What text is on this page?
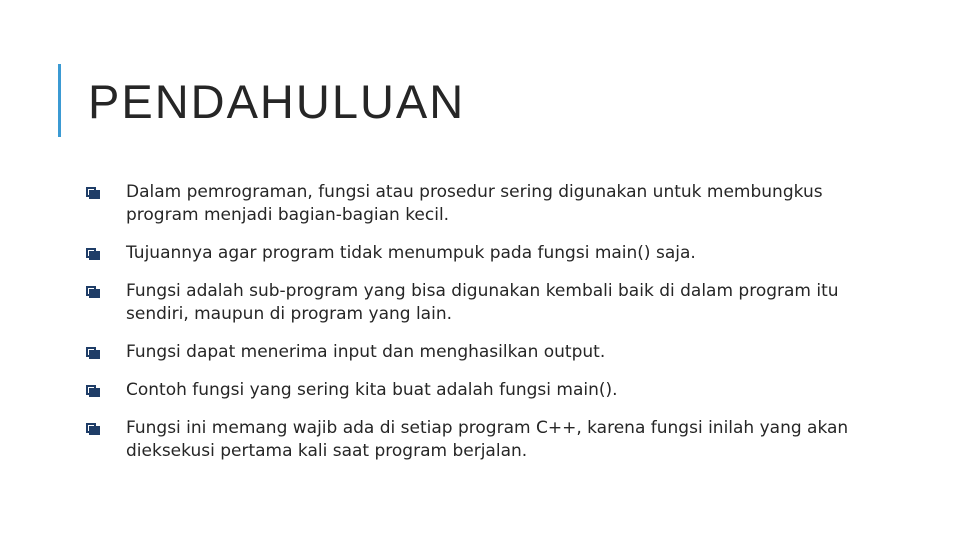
PENDAHULUAN
Dalam pemrograman, fungsi atau prosedur sering digunakan untuk membungkus program menjadi bagian-bagian kecil.
Tujuannya agar program tidak menumpuk pada fungsi main() saja.
Fungsi adalah sub-program yang bisa digunakan kembali baik di dalam program itu sendiri, maupun di program yang lain.
Fungsi dapat menerima input dan menghasilkan output.
Contoh fungsi yang sering kita buat adalah fungsi main().
Fungsi ini memang wajib ada di setiap program C++, karena fungsi inilah yang akan dieksekusi pertama kali saat program berjalan.
